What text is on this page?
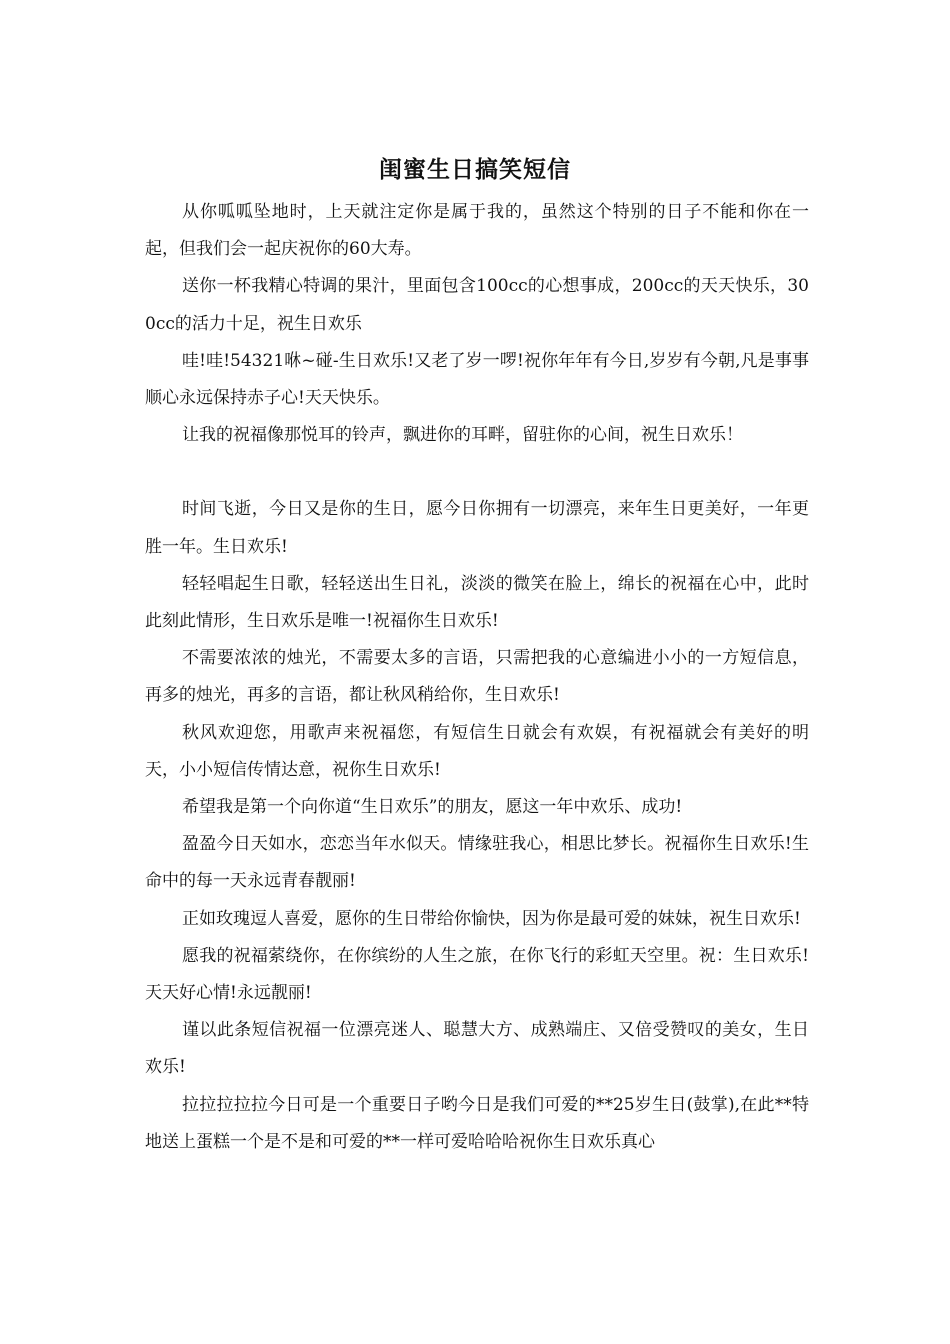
闺蜜生日搞笑短信

从你呱呱坠地时，上天就注定你是属于我的，虽然这个特别的日子不能和你在一起，但我们会一起庆祝你的60大寿。

送你一杯我精心特调的果汁，里面包含100cc的心想事成，200cc的天天快乐，300cc的活力十足，祝生日欢乐

哇!哇!54321咻~碰-生日欢乐!又老了岁一啰!祝你年年有今日,岁岁有今朝,凡是事事顺心永远保持赤子心!天天快乐。

让我的祝福像那悦耳的铃声，飘进你的耳畔，留驻你的心间，祝生日欢乐！

时间飞逝，今日又是你的生日，愿今日你拥有一切漂亮，来年生日更美好，一年更胜一年。生日欢乐!

轻轻唱起生日歌，轻轻送出生日礼，淡淡的微笑在脸上，绵长的祝福在心中，此时此刻此情形，生日欢乐是唯一!祝福你生日欢乐!

不需要浓浓的烛光，不需要太多的言语，只需把我的心意编进小小的一方短信息，再多的烛光，再多的言语，都让秋风稍给你，生日欢乐!

秋风欢迎您，用歌声来祝福您，有短信生日就会有欢娱，有祝福就会有美好的明天，小小短信传情达意，祝你生日欢乐!

希望我是第一个向你道“生日欢乐”的朋友，愿这一年中欢乐、成功!

盈盈今日天如水，恋恋当年水似天。情缘驻我心，相思比梦长。祝福你生日欢乐!生命中的每一天永远青春靓丽!

正如玫瑰逗人喜爱，愿你的生日带给你愉快，因为你是最可爱的妹妹，祝生日欢乐!

愿我的祝福萦绕你，在你缤纷的人生之旅，在你飞行的彩虹天空里。祝：生日欢乐!天天好心情!永远靓丽!

谨以此条短信祝福一位漂亮迷人、聪慧大方、成熟端庄、又倍受赞叹的美女，生日欢乐!

拉拉拉拉拉今日可是一个重要日子哟今日是我们可爱的**25岁生日(鼓掌),在此**特地送上蛋糕一个是不是和可爱的**一样可爱哈哈哈祝你生日欢乐真心
